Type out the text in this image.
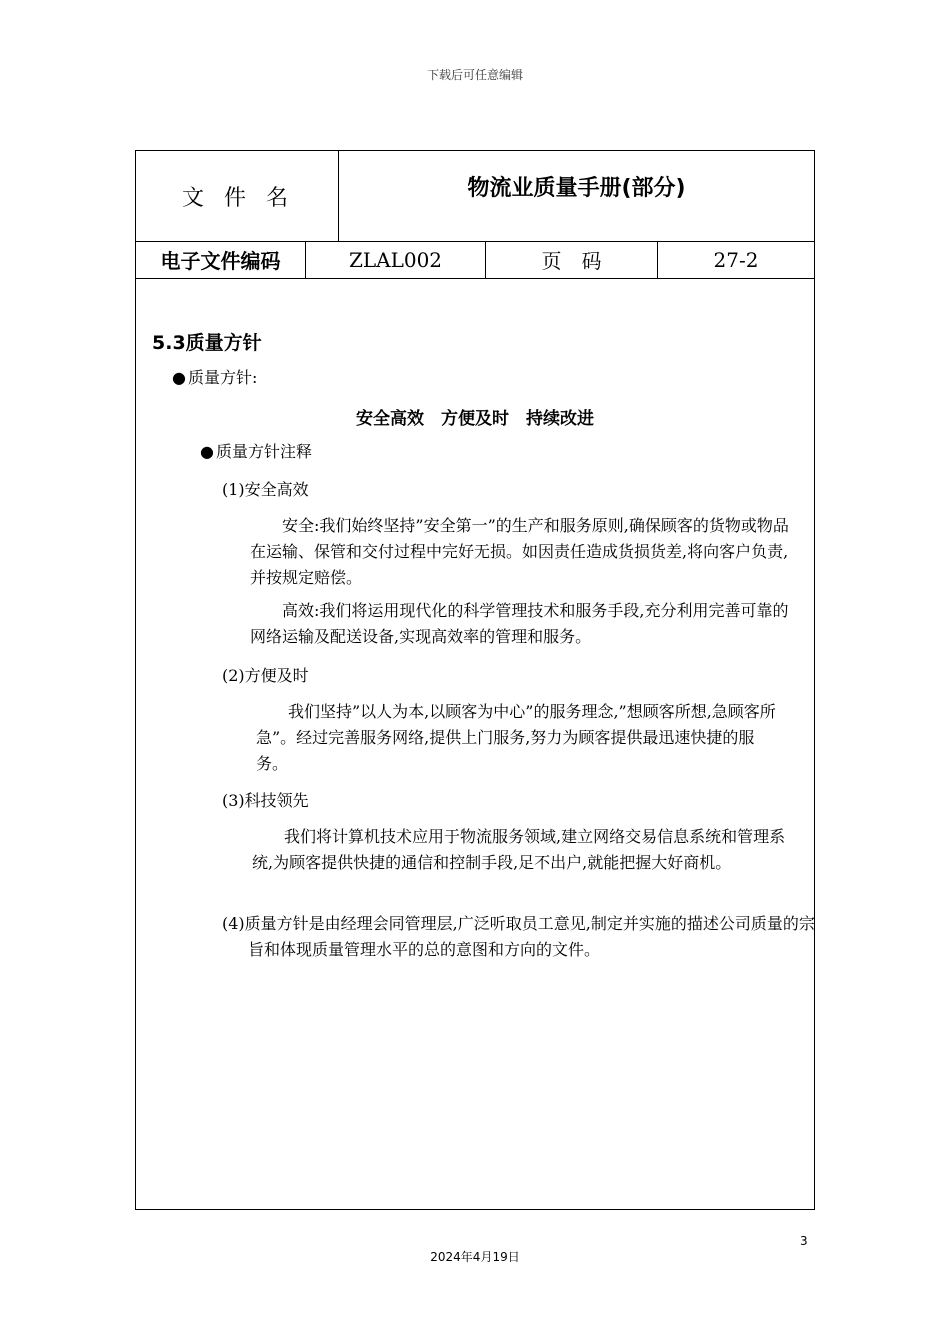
下载后可任意编辑
文件名	物流业质量手册(部分)
电子文件编码	ZLAL002	页　码	27-2
5.3质量方针
● 质量方针:
安全高效　方便及时　持续改进
● 质量方针注释
(1)安全高效
　　安全:我们始终坚持”安全第一”的生产和服务原则,确保顾客的货物或物品在运输、保管和交付过程中完好无损。如因责任造成货损货差,将向客户负责,并按规定赔偿。
　　高效:我们将运用现代化的科学管理技术和服务手段,充分利用完善可靠的网络运输及配送设备,实现高效率的管理和服务。
(2)方便及时
　　我们坚持”以人为本,以顾客为中心”的服务理念,”想顾客所想,急顾客所急”。经过完善服务网络,提供上门服务,努力为顾客提供最迅速快捷的服务。
(3)科技领先
　　我们将计算机技术应用于物流服务领域,建立网络交易信息系统和管理系统,为顾客提供快捷的通信和控制手段,足不出户,就能把握大好商机。
(4)质量方针是由经理会同管理层,广泛听取员工意见,制定并实施的描述公司质量的宗旨和体现质量管理水平的总的意图和方向的文件。
3
2024年4月19日
